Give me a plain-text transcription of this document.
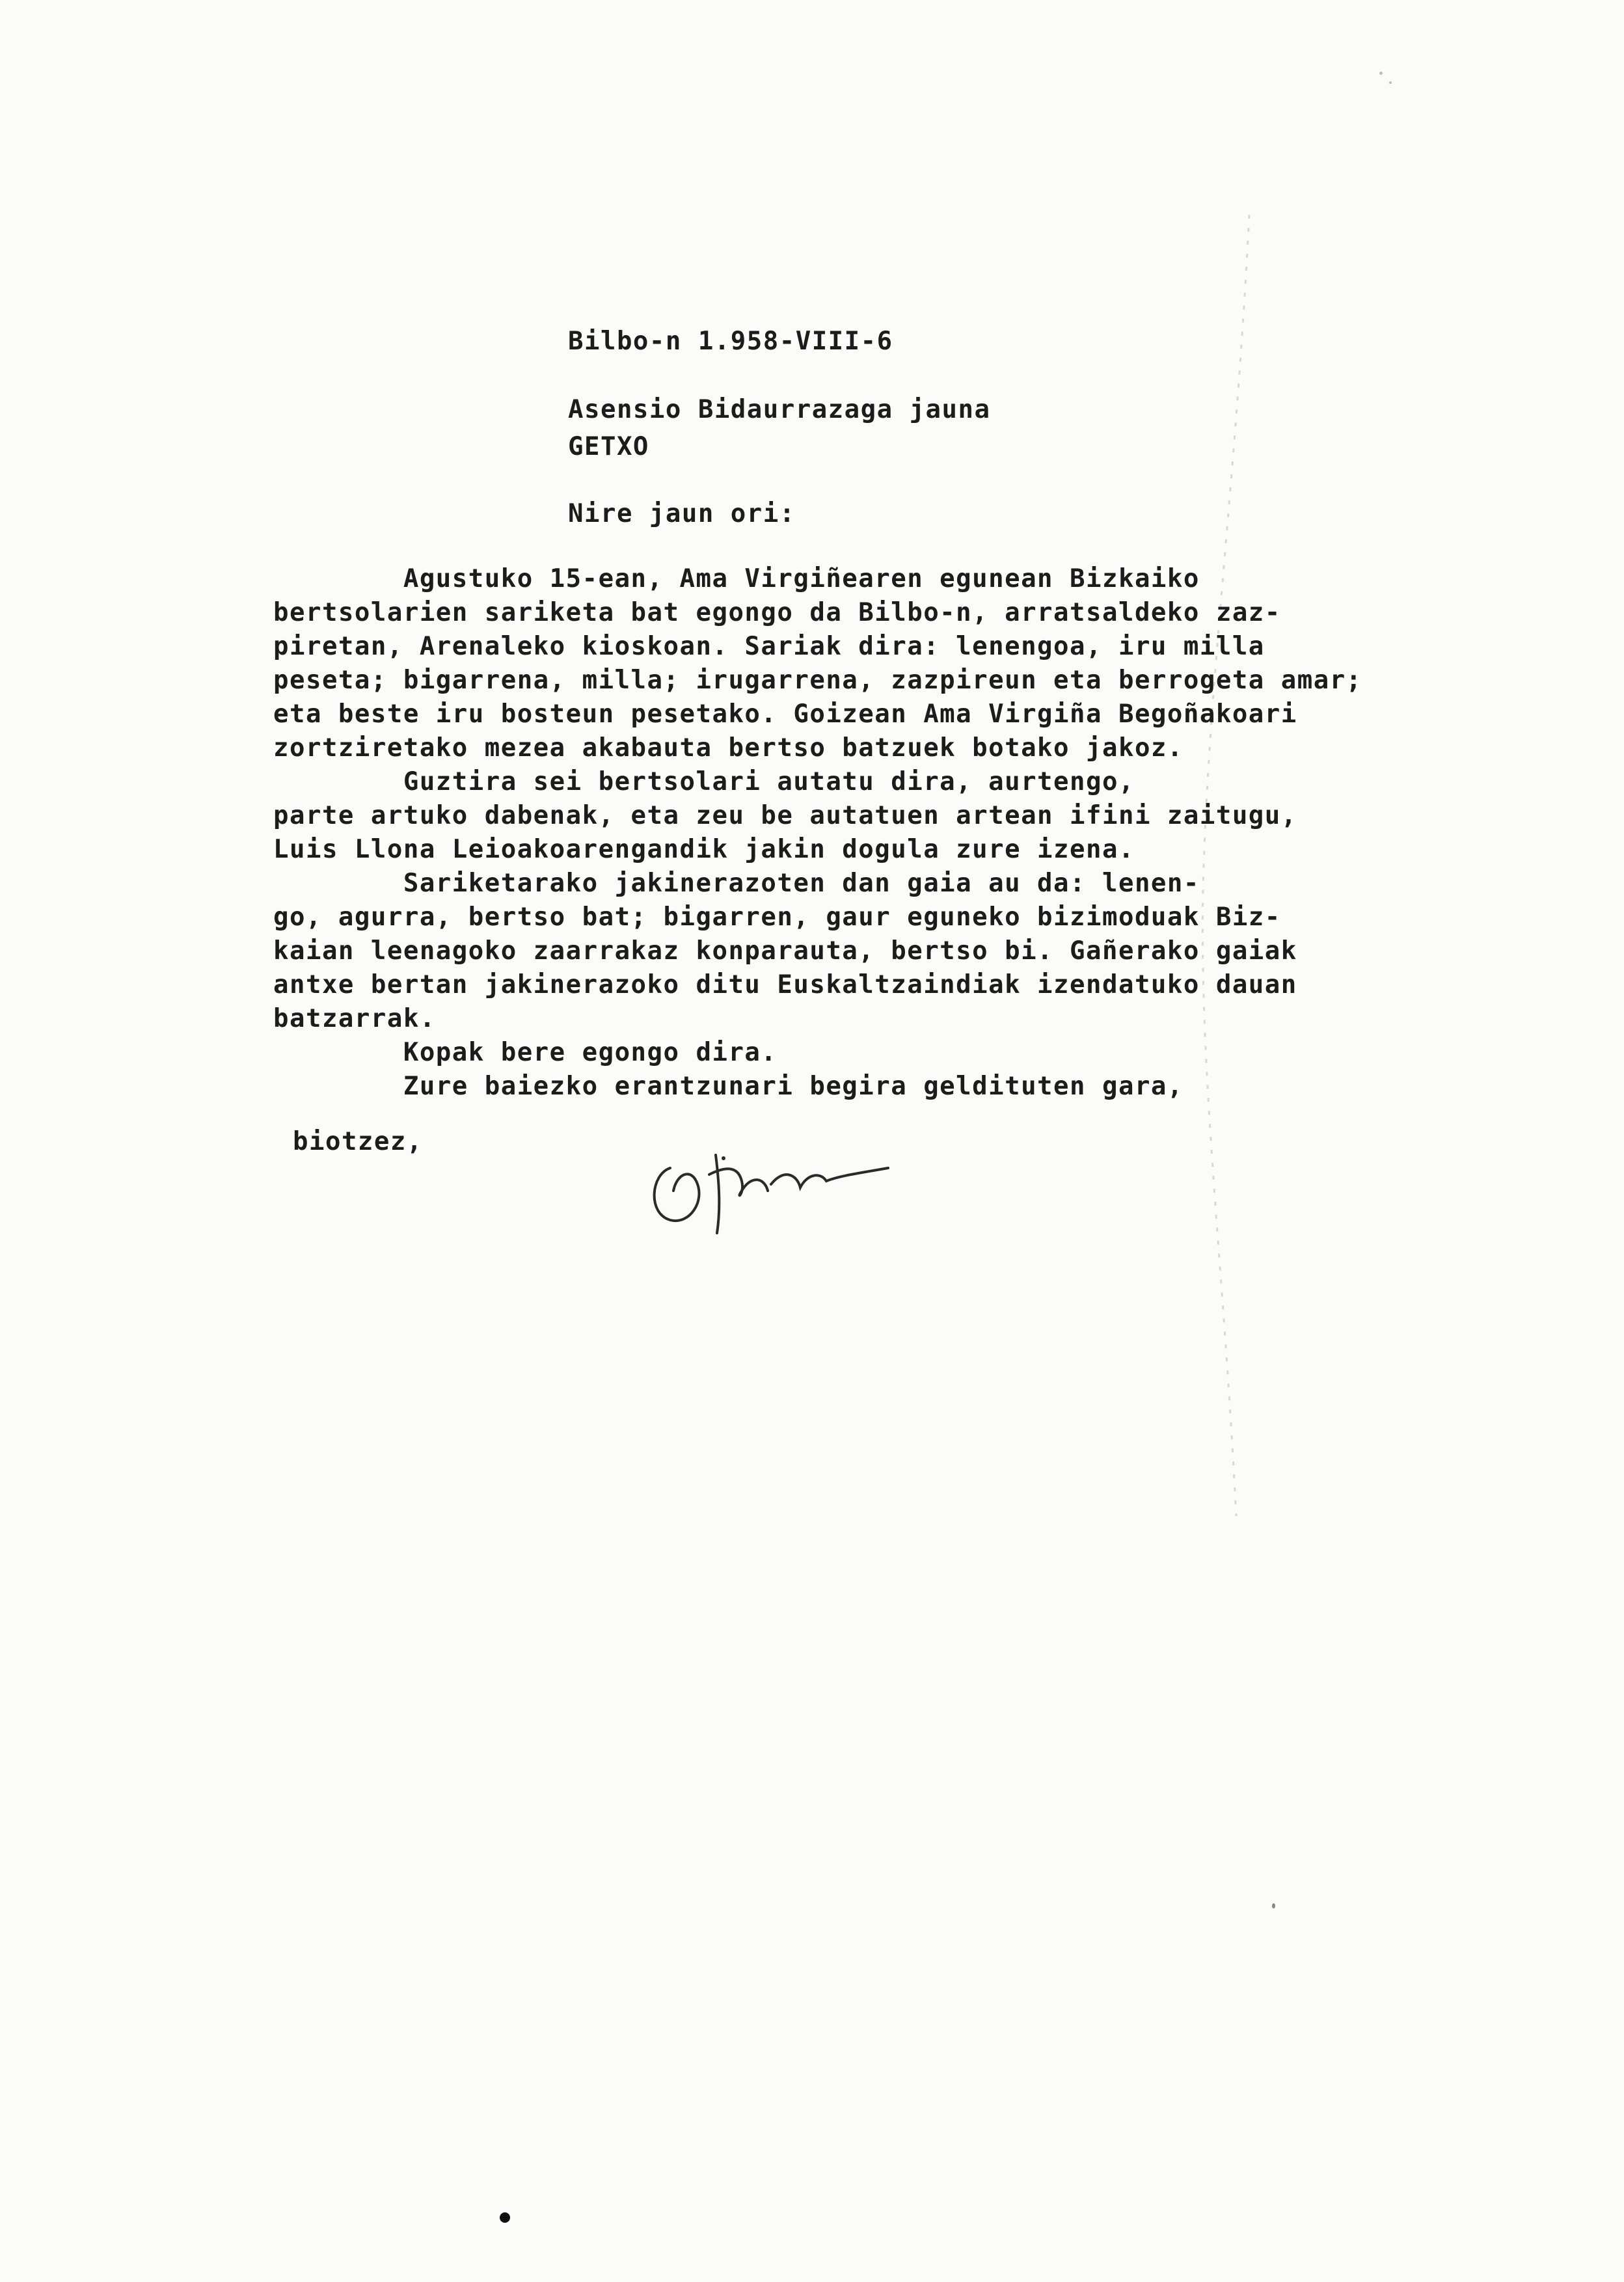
Bilbo-n 1.958-VIII-6
Asensio Bidaurrazaga jauna
GETXO
Nire jaun ori:
Agustuko 15-ean, Ama Virgiñearen egunean Bizkaiko
bertsolarien sariketa bat egongo da Bilbo-n, arratsaldeko zaz-
piretan, Arenaleko kioskoan. Sariak dira: lenengoa, iru milla
peseta; bigarrena, milla; irugarrena, zazpireun eta berrogeta amar;
eta beste iru bosteun pesetako. Goizean Ama Virgiña Begoñakoari
zortziretako mezea akabauta bertso batzuek botako jakoz.
Guztira sei bertsolari autatu dira, aurtengo,
parte artuko dabenak, eta zeu be autatuen artean ifini zaitugu,
Luis Llona Leioakoarengandik jakin dogula zure izena.
Sariketarako jakinerazoten dan gaia au da: lenen-
go, agurra, bertso bat; bigarren, gaur eguneko bizimoduak Biz-
kaian leenagoko zaarrakaz konparauta, bertso bi. Gañerako gaiak
antxe bertan jakinerazoko ditu Euskaltzaindiak izendatuko dauan
batzarrak.
Kopak bere egongo dira.
Zure baiezko erantzunari begira geldituten gara,
biotzez,
